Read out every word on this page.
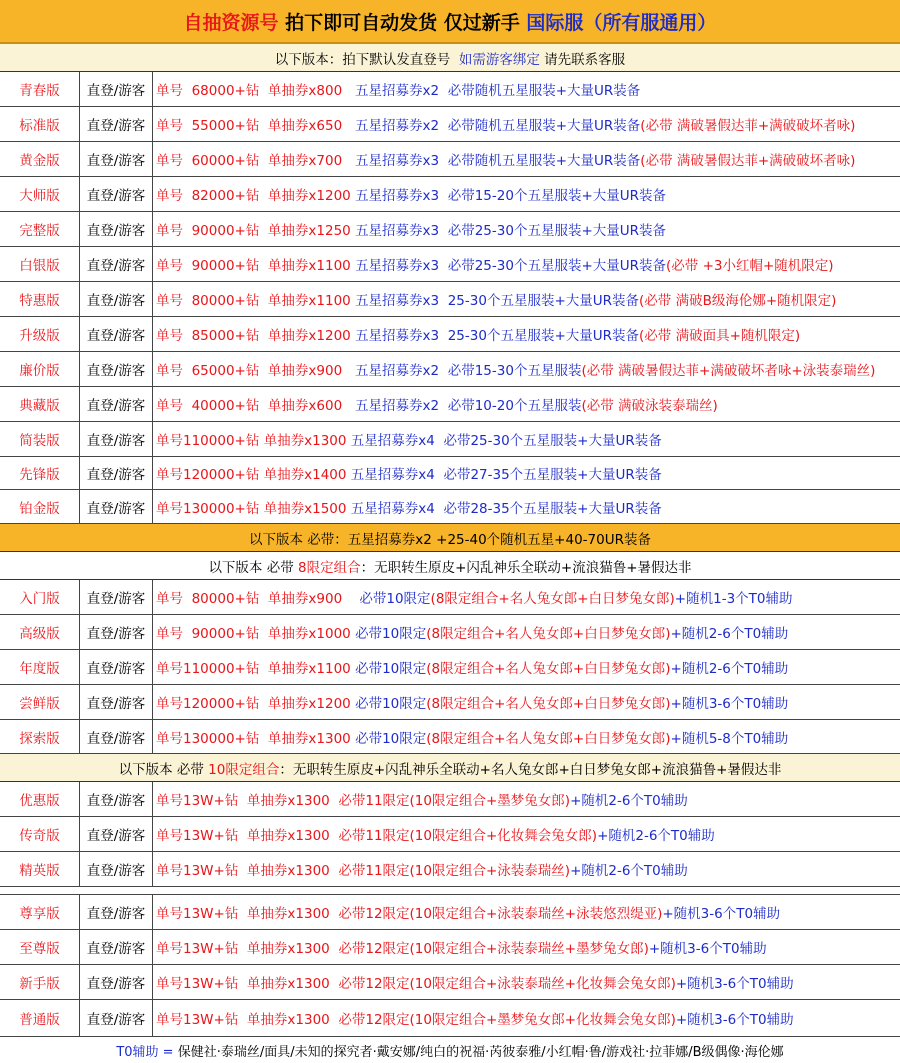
自抽资源号 拍下即可自动发货 仅过新手 国际服（所有服通用）
以下版本：拍下默认发直登号 如需游客绑定 请先联系客服
以下版本 必带：五星招募券x2 +25-40个随机五星+40-70UR装备
以下版本 必带 8限定组合 ：无职转生原皮+闪乱神乐全联动+流浪猫鲁+暑假达非
以下版本 必带 10限定组合 ：无职转生原皮+闪乱神乐全联动+名人兔女郎+白日梦兔女郎+流浪猫鲁+暑假达非
青春版	直登/游客 单号  68000+钻  单抽券x800 五星招募券x2  必带随机五星服装+大量UR装备
标准版	直登/游客 单号  55000+钻  单抽券x650 五星招募券x2  必带随机五星服装+大量UR装备 (必带 满破暑假达菲+满破破坏者咏)
黄金版	直登/游客 单号  60000+钻  单抽券x700 五星招募券x3  必带随机五星服装+大量UR装备 (必带 满破暑假达菲+满破破坏者咏)
大师版	直登/游客 单号  82000+钻  单抽券x1200 五星招募券x3  必带15-20个五星服装+大量UR装备
完整版	直登/游客 单号  90000+钻  单抽券x1250 五星招募券x3  必带25-30个五星服装+大量UR装备
白银版	直登/游客 单号  90000+钻  单抽券x1100 五星招募券x3  必带25-30个五星服装+大量UR装备 (必带 +3小红帽+随机限定)
特惠版	直登/游客 单号  80000+钻  单抽券x1100 五星招募券x3  25-30个五星服装+大量UR装备 (必带 满破B级海伦娜+随机限定)
升级版	直登/游客 单号  85000+钻  单抽券x1200 五星招募券x3  25-30个五星服装+大量UR装备 (必带 满破面具+随机限定)
廉价版	直登/游客 单号  65000+钻  单抽券x900 五星招募券x2  必带15-30个五星服装 (必带 满破暑假达菲+满破破坏者咏+泳装泰瑞丝)
典藏版	直登/游客 单号  40000+钻  单抽券x600 五星招募券x2  必带10-20个五星服装 (必带 满破泳装泰瑞丝)
简装版	直登/游客 单号110000+钻 单抽券x1300 五星招募券x4  必带25-30个五星服装+大量UR装备
先锋版	直登/游客 单号120000+钻 单抽券x1400 五星招募券x4  必带27-35个五星服装+大量UR装备
铂金版	直登/游客 单号130000+钻 单抽券x1500 五星招募券x4  必带28-35个五星服装+大量UR装备
入门版	直登/游客 单号  80000+钻  单抽券x900 必带10限定 (8限定组合+名人兔女郎+白日梦兔女郎) +随机1-3个T0辅助
高级版	直登/游客 单号  90000+钻  单抽券x1000 必带10限定 (8限定组合+名人兔女郎+白日梦兔女郎) +随机2-6个T0辅助
年度版	直登/游客 单号110000+钻  单抽券x1100 必带10限定 (8限定组合+名人兔女郎+白日梦兔女郎) +随机2-6个T0辅助
尝鲜版	直登/游客 单号120000+钻  单抽券x1200 必带10限定 (8限定组合+名人兔女郎+白日梦兔女郎) +随机3-6个T0辅助
探索版	直登/游客 单号130000+钻  单抽券x1300 必带10限定 (8限定组合+名人兔女郎+白日梦兔女郎) +随机5-8个T0辅助
优惠版	直登/游客 单号13W+钻  单抽券x1300  必带11限定 (10限定组合+墨梦兔女郎) +随机2-6个T0辅助
传奇版	直登/游客 单号13W+钻  单抽券x1300  必带11限定 (10限定组合+化妆舞会兔女郎) +随机2-6个T0辅助
精英版	直登/游客 单号13W+钻  单抽券x1300  必带11限定 (10限定组合+泳装泰瑞丝) +随机2-6个T0辅助
尊享版	直登/游客 单号13W+钻  单抽券x1300  必带12限定 (10限定组合+泳装泰瑞丝+泳装悠烈缇亚) +随机3-6个T0辅助
至尊版	直登/游客 单号13W+钻  单抽券x1300  必带12限定 (10限定组合+泳装泰瑞丝+墨梦兔女郎) +随机3-6个T0辅助
新手版	直登/游客 单号13W+钻  单抽券x1300  必带12限定 (10限定组合+泳装泰瑞丝+化妆舞会兔女郎) +随机3-6个T0辅助
普通版	直登/游客 单号13W+钻  单抽券x1300  必带12限定 (10限定组合+墨梦兔女郎+化妆舞会兔女郎) +随机3-6个T0辅助
T0辅助 = 保健社·泰瑞丝/面具/未知的探究者·戴安娜/纯白的祝福·芮彼泰雅/小红帽·鲁/游戏社·拉菲娜/B级偶像·海伦娜
